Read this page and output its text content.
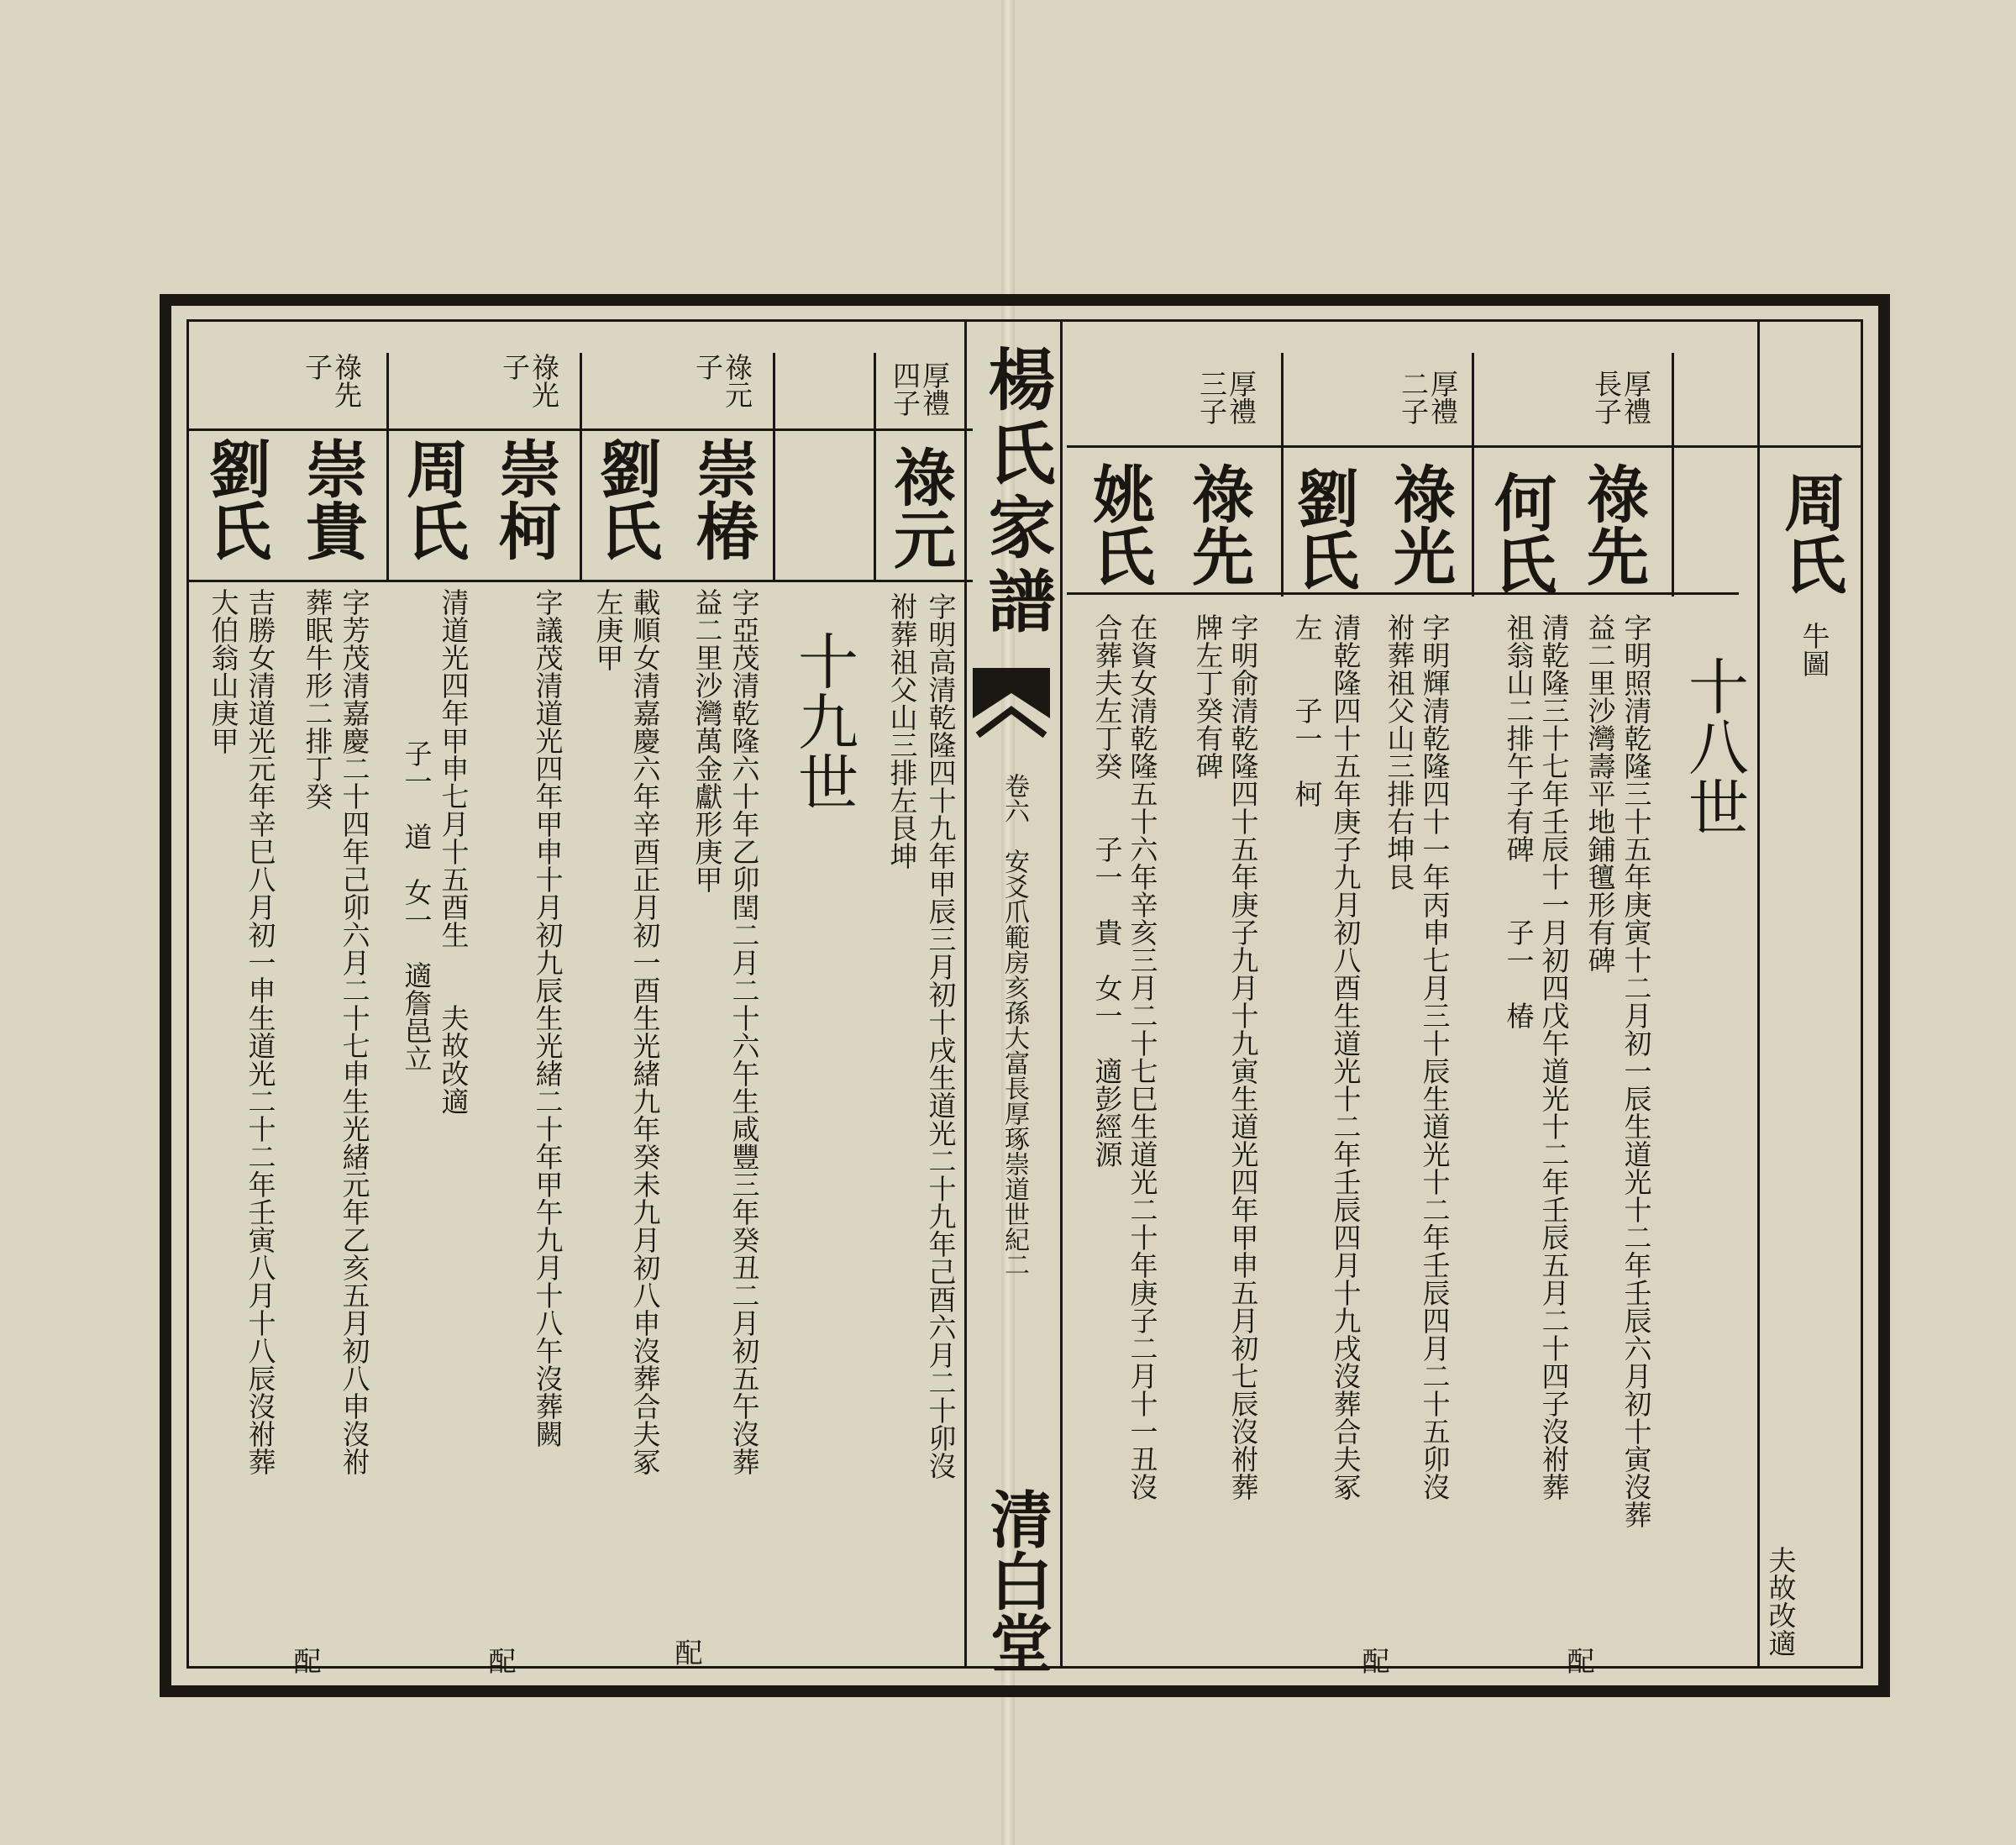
楊氏家譜
卷六　安爻爪範房亥孫大富長厚琢崇道世紀二
清白堂
十八世
十九世
周氏
牛圖
夫故改適
厚禮長子
祿先
字明照清乾隆三十五年庚寅十二月初一辰生道光十二年壬辰六月初十寅沒葬
益二里沙灣壽平地鋪氊形有碑
配
何氏
清乾隆三十七年壬辰十一月初四戊午道光十二年壬辰五月二十四子沒祔葬
祖翁山二排午子有碑　　子一　椿
厚禮二子
祿光
字明輝清乾隆四十一年丙申七月三十辰生道光十二年壬辰四月二十五卯沒
祔葬祖父山三排右坤艮
配
劉氏
清乾隆四十五年庚子九月初八酉生道光十二年壬辰四月十九戌沒葬合夫冢
左　　子一　柯
厚禮三子
祿先
字明俞清乾隆四十五年庚子九月十九寅生道光四年甲申五月初七辰沒祔葬
牌左丁癸有碑
姚氏
在資女清乾隆五十六年辛亥三月二十七巳生道光二十年庚子二月十一丑沒
合葬夫左丁癸　　子一　貴　女一　適彭經源
厚禮四子
祿元
字明高清乾隆四十九年甲辰三月初十戌生道光二十九年己酉六月二十卯沒
祔葬祖父山三排左艮坤
祿元子
崇椿
字亞茂清乾隆六十年乙卯閏二月二十六午生咸豐三年癸丑二月初五午沒葬
益二里沙灣萬金獻形庚甲
配
劉氏
載順女清嘉慶六年辛酉正月初一酉生光緒九年癸未九月初八申沒葬合夫冢
左庚甲
祿光子
崇柯
字議茂清道光四年甲申十月初九辰生光緒二十年甲午九月十八午沒葬闕
配
周氏
清道光四年甲申七月十五酉生　　夫故改適
子一　道　女一　適詹邑立
祿先子
崇貴
字芳茂清嘉慶二十四年己卯六月二十七申生光緒元年乙亥五月初八申沒祔
葬眠牛形二排丁癸
配
劉氏
吉勝女清道光元年辛巳八月初一申生道光二十二年壬寅八月十八辰沒祔葬
大伯翁山庚甲
